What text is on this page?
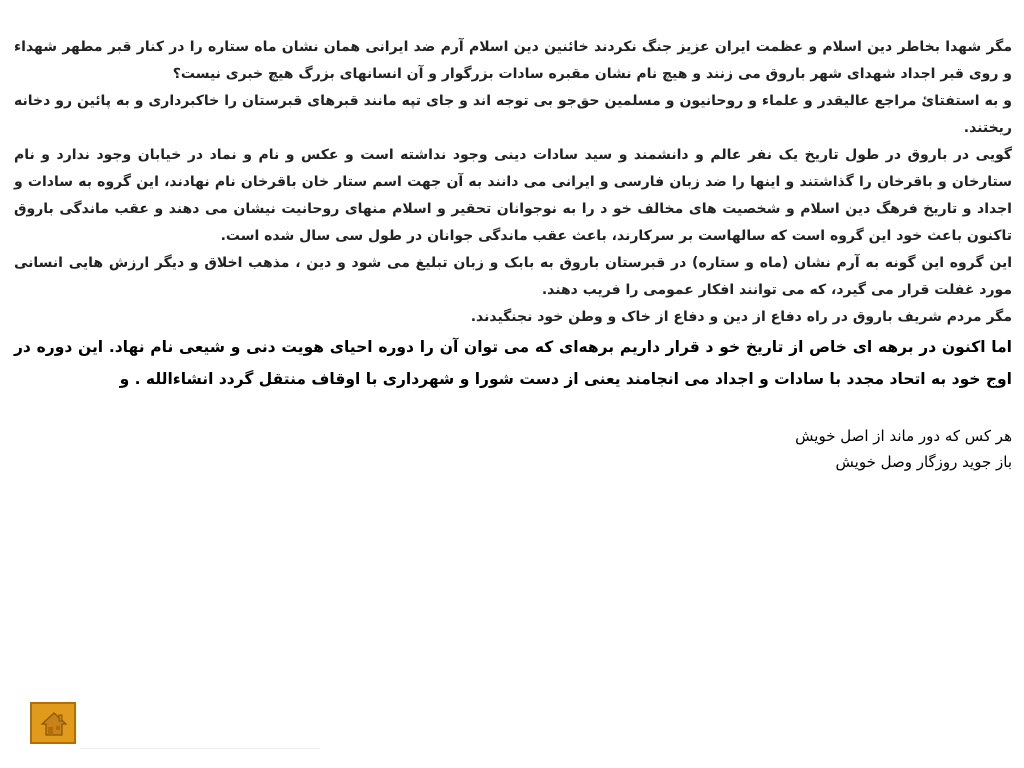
مگر شهدا بخاطر دین اسلام و عظمت ایران عزیز جنگ نکردند خائنین دین اسلام آرم ضد ایرانی همان نشان ماه ستاره را در کنار قبر مطهر شهداء و روی قبر اجداد شهدای شهر باروق می زنند و هیچ نام نشان مقبره سادات بزرگوار و آن انسانهای بزرگ هیچ خبری نیست؟

و به استفتائ مراجع عالیقدر و علماء و روحانیون و مسلمین حق‌جو بی توجه اند و جای تپه مانند قبرهای قبرستان را خاکبرداری و به پائین رو دخانه ریختند.

گویی در باروق در طول تاریخ یک نفر عالم و دانشمند و سید سادات دینی وجود نداشته است و عکس و نام و نماد در خیابان وجود ندارد و نام ستارخان و باقرخان را گذاشتند و اینها را ضد زبان فارسی و ایرانی می دانند به آن جهت اسم ستار خان باقرخان نام نهادند، این گروه به سادات و اجداد و تاریخ فرهگ دین اسلام و شخصیت های مخالف خو د را به نوجوانان تحقیر و اسلام منهای روحانیت نیشان می دهند و عقب ماندگی باروق تاکنون باعث خود این گروه است که سالهاست بر سرکارند، باعث عقب ماندگی جوانان در طول سی سال شده است.

این گروه این گونه به آرم نشان (ماه و ستاره) در قبرستان باروق به بابک و زبان تبلیغ می شود و دین ، مذهب اخلاق و دیگر ارزش هایی انسانی مورد غفلت قرار می گیرد، که می توانند افکار عمومی را فریب دهند.

مگر مردم شریف باروق در راه دفاع از دین و دفاع از خاک و وطن خود نجنگیدند.

اما اکنون در برهه ای خاص از تاریخ خو د قرار داریم برهه‌ای که می توان آن را دوره احیای هویت دنی و شیعی نام نهاد. این دوره در اوج خود به اتحاد مجدد با سادات و اجداد می انجامند یعنی از دست شورا و شهرداری با اوقاف منتقل گردد انشاءالله . و

هر کس که دور ماند از اصل خویش
باز جوید روزگار وصل خویش
